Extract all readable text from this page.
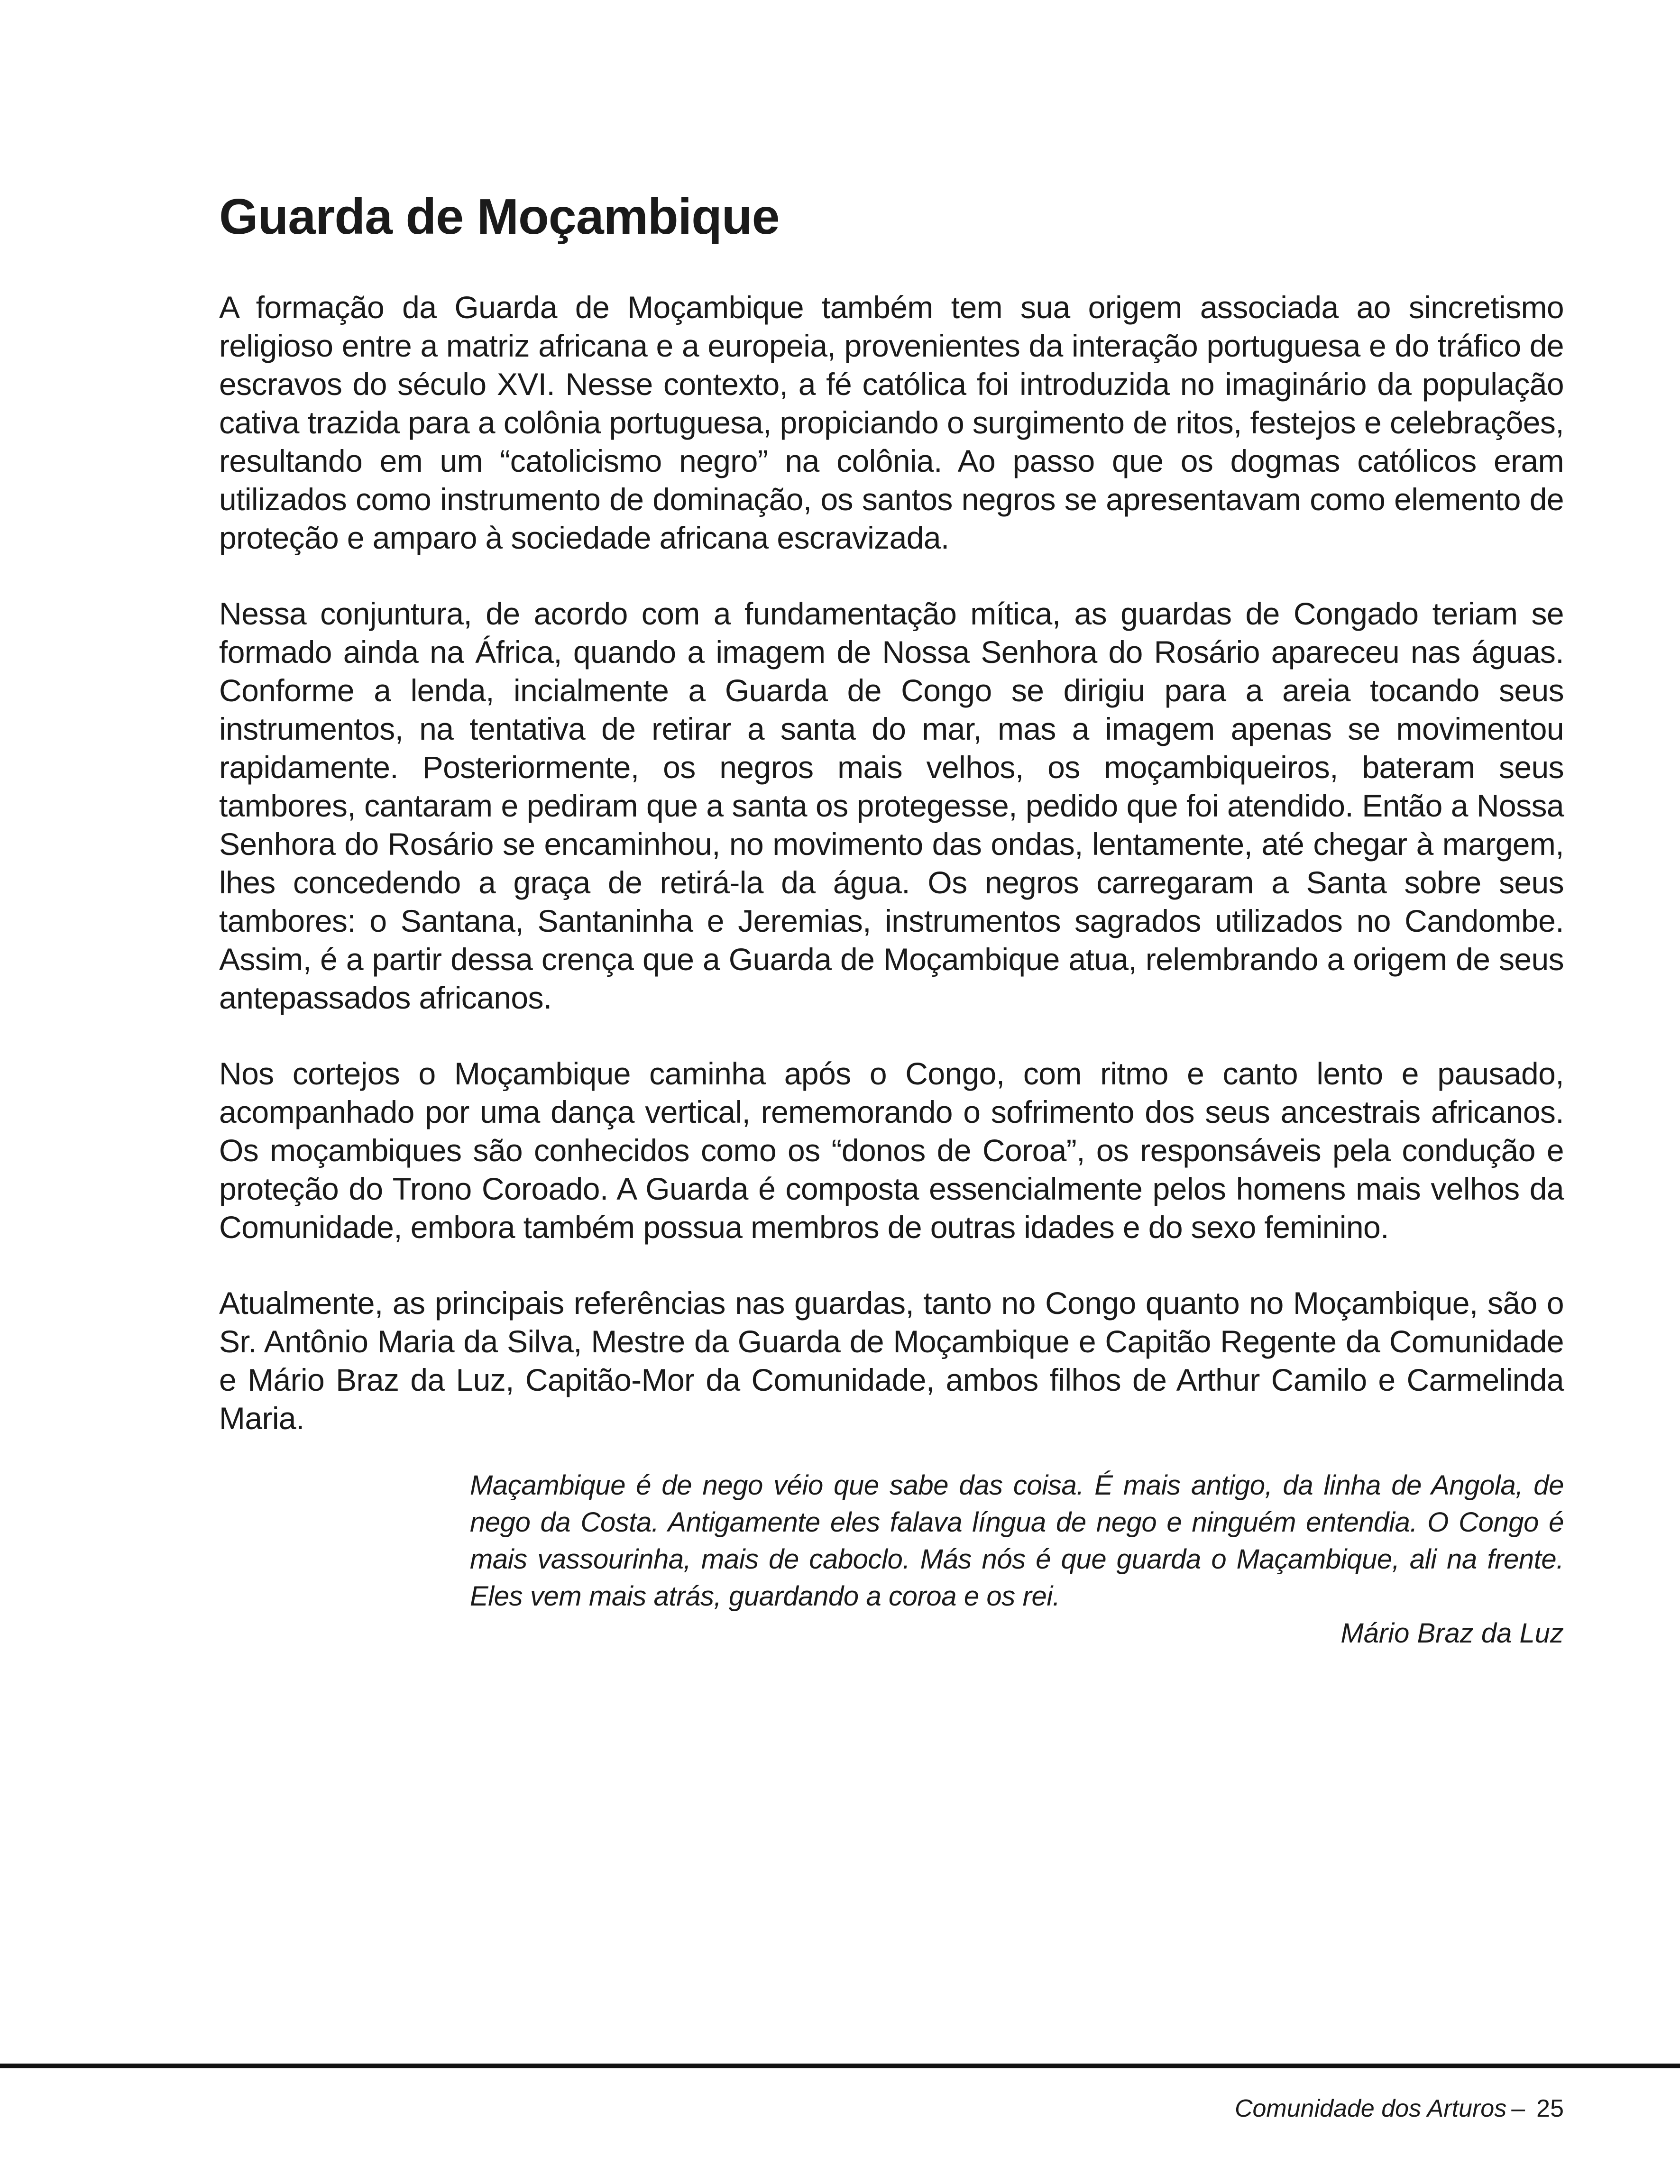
Guarda de Moçambique

A formação da Guarda de Moçambique também tem sua origem associada ao sincretismo religioso entre a matriz africana e a europeia, provenientes da interação portuguesa e do tráfico de escravos do século XVI. Nesse contexto, a fé católica foi introduzida no imaginário da população cativa trazida para a colônia portuguesa, propiciando o surgimento de ritos, festejos e celebrações, resultando em um “catolicismo negro” na colônia. Ao passo que os dogmas católicos eram utilizados como instrumento de dominação, os santos negros se apresentavam como elemento de proteção e amparo à sociedade africana escravizada.

Nessa conjuntura, de acordo com a fundamentação mítica, as guardas de Congado teriam se formado ainda na África, quando a imagem de Nossa Senhora do Rosário apareceu nas águas. Conforme a lenda, incialmente a Guarda de Congo se dirigiu para a areia tocando seus instrumentos, na tentativa de retirar a santa do mar, mas a imagem apenas se movimentou rapidamente. Posteriormente, os negros mais velhos, os moçambiqueiros, bateram seus tambores, cantaram e pediram que a santa os protegesse, pedido que foi atendido. Então a Nossa Senhora do Rosário se encaminhou, no movimento das ondas, lentamente, até chegar à margem, lhes concedendo a graça de retirá-la da água. Os negros carregaram a Santa sobre seus tambores: o Santana, Santaninha e Jeremias, instrumentos sagrados utilizados no Candombe. Assim, é a partir dessa crença que a Guarda de Moçambique atua, relembrando a origem de seus antepassados africanos.

Nos cortejos o Moçambique caminha após o Congo, com ritmo e canto lento e pausado, acompanhado por uma dança vertical, rememorando o sofrimento dos seus ancestrais africanos. Os moçambiques são conhecidos como os “donos de Coroa”, os responsáveis pela condução e proteção do Trono Coroado. A Guarda é composta essencialmente pelos homens mais velhos da Comunidade, embora também possua membros de outras idades e do sexo feminino.

Atualmente, as principais referências nas guardas, tanto no Congo quanto no Moçambique, são o Sr. Antônio Maria da Silva, Mestre da Guarda de Moçambique e Capitão Regente da Comunidade e Mário Braz da Luz, Capitão-Mor da Comunidade, ambos filhos de Arthur Camilo e Carmelinda Maria.

Maçambique é de nego véio que sabe das coisa. É mais antigo, da linha de Angola, de nego da Costa. Antigamente eles falava língua de nego e ninguém entendia. O Congo é mais vassourinha, mais de caboclo. Más nós é que guarda o Maçambique, ali na frente. Eles vem mais atrás, guardando a coroa e os rei.
Mário Braz da Luz
Comunidade dos Arturos – 25
